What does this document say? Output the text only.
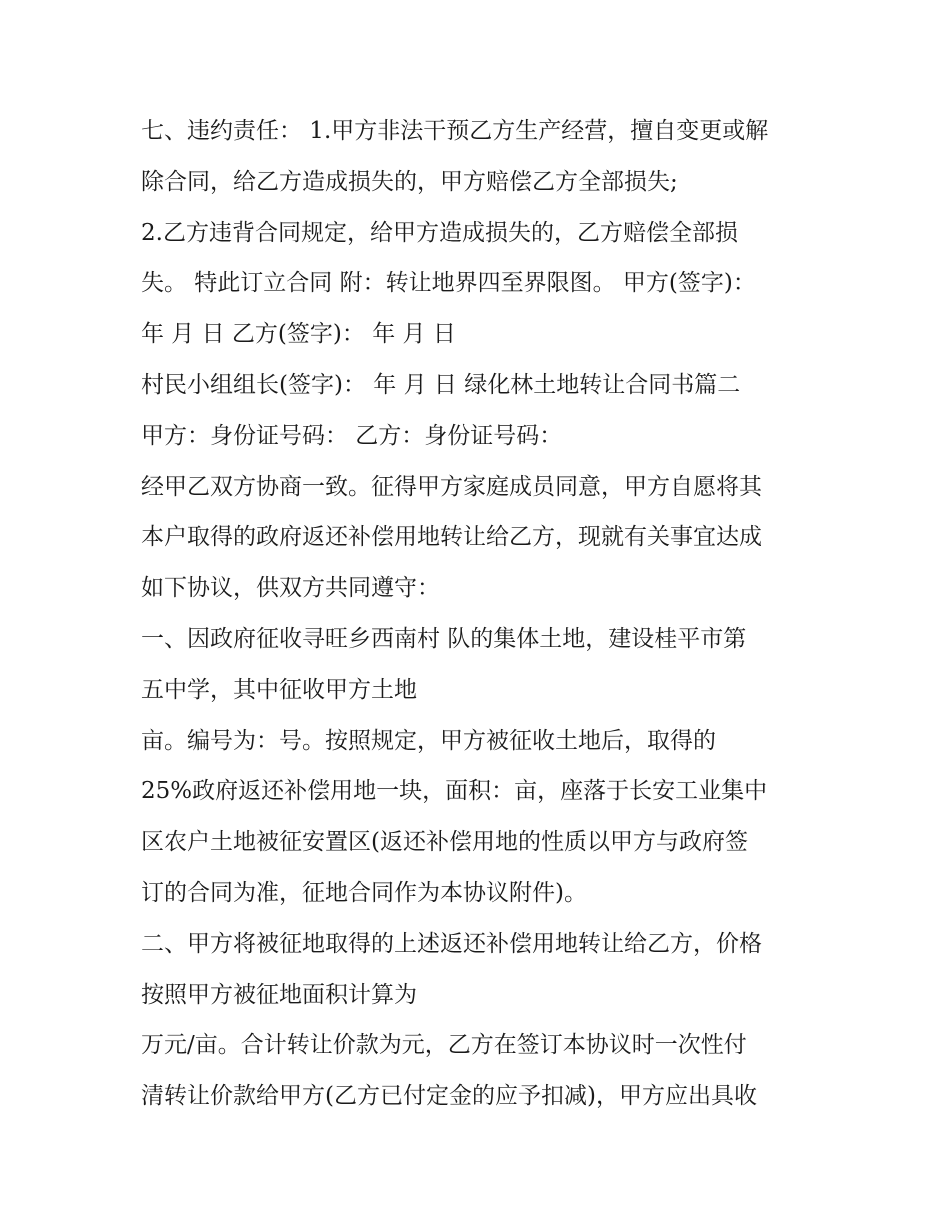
七、违约责任： 1.甲方非法干预乙方生产经营，擅自变更或解
除合同，给乙方造成损失的，甲方赔偿乙方全部损失;
2.乙方违背合同规定，给甲方造成损失的，乙方赔偿全部损
失。 特此订立合同 附：转让地界四至界限图。 甲方(签字)：
年 月 日 乙方(签字)： 年 月 日
村民小组组长(签字)： 年 月 日 绿化林土地转让合同书篇二
甲方：身份证号码： 乙方：身份证号码：
经甲乙双方协商一致。征得甲方家庭成员同意，甲方自愿将其
本户取得的政府返还补偿用地转让给乙方，现就有关事宜达成
如下协议，供双方共同遵守：
一、因政府征收寻旺乡西南村 队的集体土地，建设桂平市第
五中学，其中征收甲方土地
亩。编号为：号。按照规定，甲方被征收土地后，取得的
25%政府返还补偿用地一块，面积：亩，座落于长安工业集中
区农户土地被征安置区(返还补偿用地的性质以甲方与政府签
订的合同为准，征地合同作为本协议附件)。
二、甲方将被征地取得的上述返还补偿用地转让给乙方，价格
按照甲方被征地面积计算为
万元/亩。合计转让价款为元，乙方在签订本协议时一次性付
清转让价款给甲方(乙方已付定金的应予扣减)，甲方应出具收
